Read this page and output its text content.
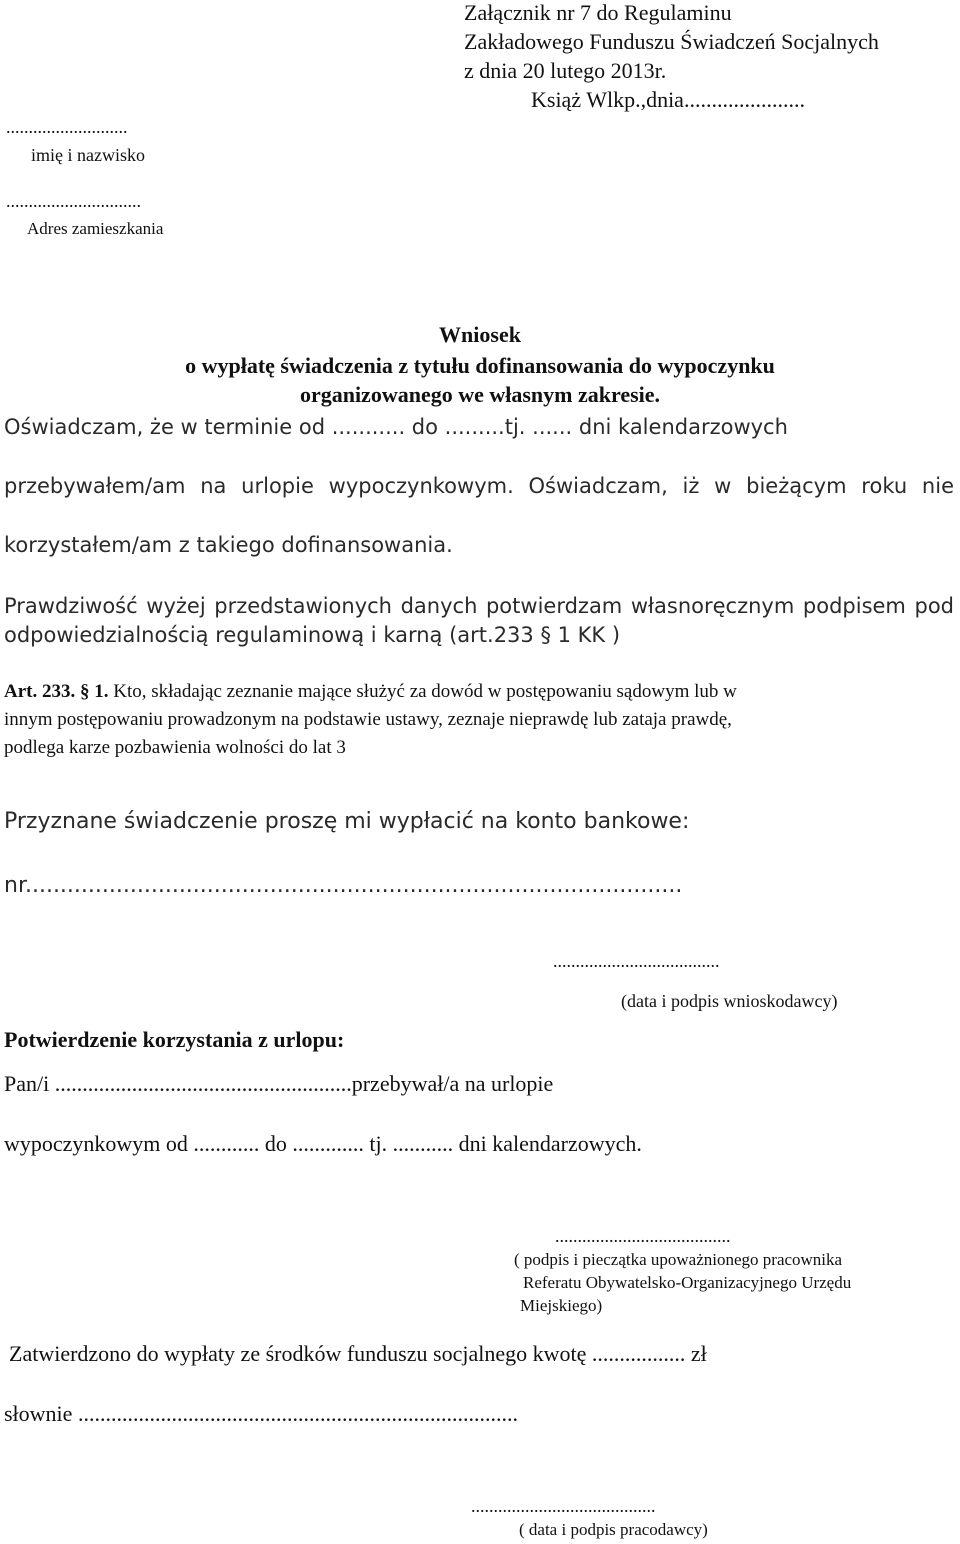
Załącznik nr 7 do Regulaminu
Zakładowego Funduszu Świadczeń Socjalnych
z dnia 20 lutego 2013r.
Książ Wlkp.,dnia......................
...........................
imię i nazwisko
..............................
Adres zamieszkania
Wniosek
o wypłatę świadczenia z tytułu dofinansowania do wypoczynku
organizowanego we własnym zakresie.
Oświadczam, że w terminie od ........... do .........tj. ...... dni kalendarzowych
przebywałem/am na urlopie wypoczynkowym. Oświadczam, iż w bieżącym roku nie
korzystałem/am z takiego dofinansowania.
Prawdziwość wyżej przedstawionych danych potwierdzam własnoręcznym podpisem pod
odpowiedzialnością regulaminową i karną (art.233 § 1 KK )
Art. 233. § 1. Kto, składając zeznanie mające służyć za dowód w postępowaniu sądowym lub w
innym postępowaniu prowadzonym na podstawie ustawy, zeznaje nieprawdę lub zataja prawdę,
podlega karze pozbawienia wolności do lat 3
Przyznane świadczenie proszę mi wypłacić na konto bankowe:
nr..............................................................................................
.....................................
(data i podpis wnioskodawcy)
Potwierdzenie korzystania z urlopu:
Pan/i ......................................................przebywał/a na urlopie
wypoczynkowym od ............ do ............. tj. ........... dni kalendarzowych.
.......................................
( podpis i pieczątka upoważnionego pracownika
Referatu Obywatelsko-Organizacyjnego Urzędu
Miejskiego)
Zatwierdzono do wypłaty ze środków funduszu socjalnego kwotę ................. zł
słownie ................................................................................
.........................................
( data i podpis pracodawcy)
